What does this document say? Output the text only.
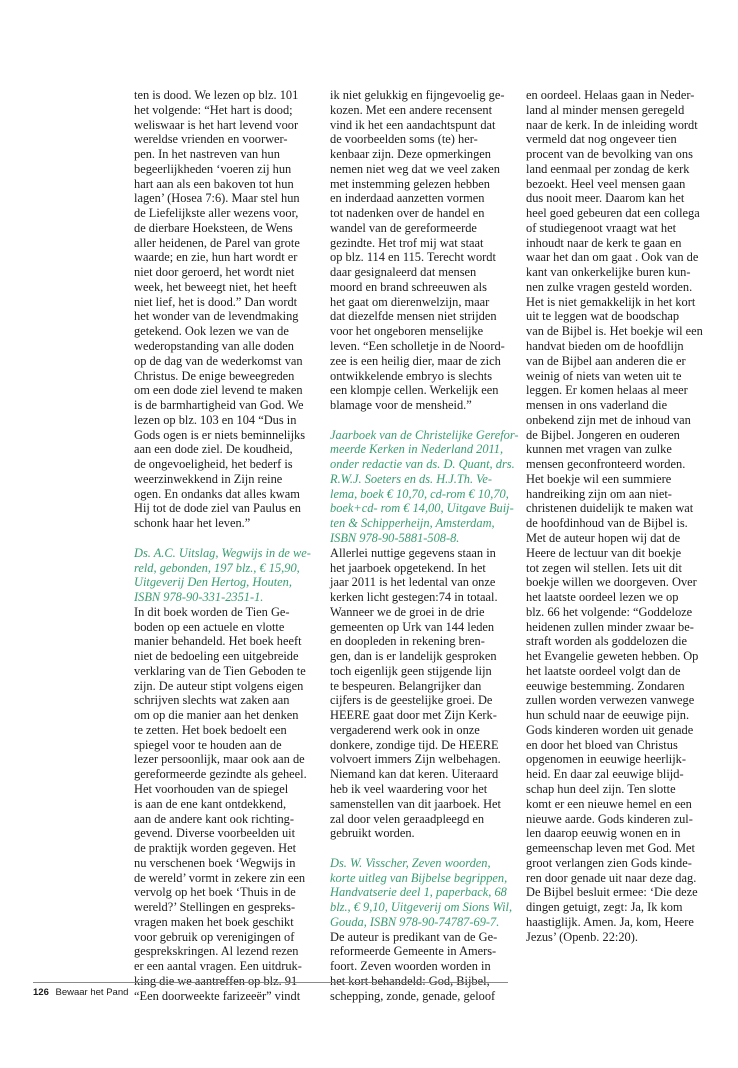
ten is dood. We lezen op blz. 101
het volgende: “Het hart is dood;
weliswaar is het hart levend voor
wereldse vrienden en voorwer-
pen. In het nastreven van hun
begeerlijkheden ‘voeren zij hun
hart aan als een bakoven tot hun
lagen’ (Hosea 7:6). Maar stel hun
de Liefelijkste aller wezens voor,
de dierbare Hoeksteen, de Wens
aller heidenen, de Parel van grote
waarde; en zie, hun hart wordt er
niet door geroerd, het wordt niet
week, het beweegt niet, het heeft
niet lief, het is dood.” Dan wordt
het wonder van de levendmaking
getekend. Ook lezen we van de
wederopstanding van alle doden
op de dag van de wederkomst van
Christus. De enige beweegreden
om een dode ziel levend te maken
is de barmhartigheid van God. We
lezen op blz. 103 en 104 “Dus in
Gods ogen is er niets beminnelijks
aan een dode ziel. De koudheid,
de ongevoeligheid, het bederf is
weerzinwekkend in Zijn reine
ogen. En ondanks dat alles kwam
Hij tot de dode ziel van Paulus en
schonk haar het leven.”
Ds. A.C. Uitslag, Wegwijs in de we-
reld, gebonden, 197 blz., € 15,90,
Uitgeverij Den Hertog, Houten,
ISBN 978-90-331-2351-1.
In dit boek worden de Tien Ge-
boden op een actuele en vlotte
manier behandeld. Het boek heeft
niet de bedoeling een uitgebreide
verklaring van de Tien Geboden te
zijn. De auteur stipt volgens eigen
schrijven slechts wat zaken aan
om op die manier aan het denken
te zetten. Het boek bedoelt een
spiegel voor te houden aan de
lezer persoonlijk, maar ook aan de
gereformeerde gezindte als geheel.
Het voorhouden van de spiegel
is aan de ene kant ontdekkend,
aan de andere kant ook richting-
gevend. Diverse voorbeelden uit
de praktijk worden gegeven. Het
nu verschenen boek ‘Wegwijs in
de wereld’ vormt in zekere zin een
vervolg op het boek ‘Thuis in de
wereld?’ Stellingen en gespreks-
vragen maken het boek geschikt
voor gebruik op verenigingen of
gesprekskringen. Al lezend rezen
er een aantal vragen. Een uitdruk-
king die we aantreffen op blz. 91
“Een doorweekte farizeeër” vindt
ik niet gelukkig en fijngevoelig ge-
kozen. Met een andere recensent
vind ik het een aandachtspunt dat
de voorbeelden soms (te) her-
kenbaar zijn. Deze opmerkingen
nemen niet weg dat we veel zaken
met instemming gelezen hebben
en inderdaad aanzetten vormen
tot nadenken over de handel en
wandel van de gereformeerde
gezindte. Het trof mij wat staat
op blz. 114 en 115. Terecht wordt
daar gesignaleerd dat mensen
moord en brand schreeuwen als
het gaat om dierenwelzijn, maar
dat diezelfde mensen niet strijden
voor het ongeboren menselijke
leven. “Een scholletje in de Noord-
zee is een heilig dier, maar de zich
ontwikkelende embryo is slechts
een klompje cellen. Werkelijk een
blamage voor de mensheid.”
Jaarboek van de Christelijke Gerefor-
meerde Kerken in Nederland 2011,
onder redactie van ds. D. Quant, drs.
R.W.J. Soeters en ds. H.J.Th. Ve-
lema, boek € 10,70, cd-rom € 10,70,
boek+cd- rom € 14,00, Uitgave Buij-
ten & Schipperheijn, Amsterdam,
ISBN 978-90-5881-508-8.
Allerlei nuttige gegevens staan in
het jaarboek opgetekend. In het
jaar 2011 is het ledental van onze
kerken licht gestegen:74 in totaal.
Wanneer we de groei in de drie
gemeenten op Urk van 144 leden
en doopleden in rekening bren-
gen, dan is er landelijk gesproken
toch eigenlijk geen stijgende lijn
te bespeuren. Belangrijker dan
cijfers is de geestelijke groei. De
HEERE gaat door met Zijn Kerk-
vergaderend werk ook in onze
donkere, zondige tijd. De HEERE
volvoert immers Zijn welbehagen.
Niemand kan dat keren. Uiteraard
heb ik veel waardering voor het
samenstellen van dit jaarboek. Het
zal door velen geraadpleegd en
gebruikt worden.
Ds. W. Visscher, Zeven woorden,
korte uitleg van Bijbelse begrippen,
Handvatserie deel 1, paperback, 68
blz., € 9,10, Uitgeverij om Sions Wil,
Gouda, ISBN 978-90-74787-69-7.
De auteur is predikant van de Ge-
reformeerde Gemeente in Amers-
foort. Zeven woorden worden in
het kort behandeld: God, Bijbel,
schepping, zonde, genade, geloof
en oordeel. Helaas gaan in Neder-
land al minder mensen geregeld
naar de kerk. In de inleiding wordt
vermeld dat nog ongeveer tien
procent van de bevolking van ons
land eenmaal per zondag de kerk
bezoekt. Heel veel mensen gaan
dus nooit meer. Daarom kan het
heel goed gebeuren dat een collega
of studiegenoot vraagt wat het
inhoudt naar de kerk te gaan en
waar het dan om gaat . Ook van de
kant van onkerkelijke buren kun-
nen zulke vragen gesteld worden.
Het is niet gemakkelijk in het kort
uit te leggen wat de boodschap
van de Bijbel is. Het boekje wil een
handvat bieden om de hoofdlijn
van de Bijbel aan anderen die er
weinig of niets van weten uit te
leggen. Er komen helaas al meer
mensen in ons vaderland die
onbekend zijn met de inhoud van
de Bijbel. Jongeren en ouderen
kunnen met vragen van zulke
mensen geconfronteerd worden.
Het boekje wil een summiere
handreiking zijn om aan niet-
christenen duidelijk te maken wat
de hoofdinhoud van de Bijbel is.
Met de auteur hopen wij dat de
Heere de lectuur van dit boekje
tot zegen wil stellen. Iets uit dit
boekje willen we doorgeven. Over
het laatste oordeel lezen we op
blz. 66 het volgende: “Goddeloze
heidenen zullen minder zwaar be-
straft worden als goddelozen die
het Evangelie geweten hebben. Op
het laatste oordeel volgt dan de
eeuwige bestemming. Zondaren
zullen worden verwezen vanwege
hun schuld naar de eeuwige pijn.
Gods kinderen worden uit genade
en door het bloed van Christus
opgenomen in eeuwige heerlijk-
heid. En daar zal eeuwige blijd-
schap hun deel zijn. Ten slotte
komt er een nieuwe hemel en een
nieuwe aarde. Gods kinderen zul-
len daarop eeuwig wonen en in
gemeenschap leven met God. Met
groot verlangen zien Gods kinde-
ren door genade uit naar deze dag.
De Bijbel besluit ermee: ‘Die deze
dingen getuigt, zegt: Ja, Ik kom
haastiglijk. Amen. Ja, kom, Heere
Jezus’ (Openb. 22:20).
126 Bewaar het Pand
